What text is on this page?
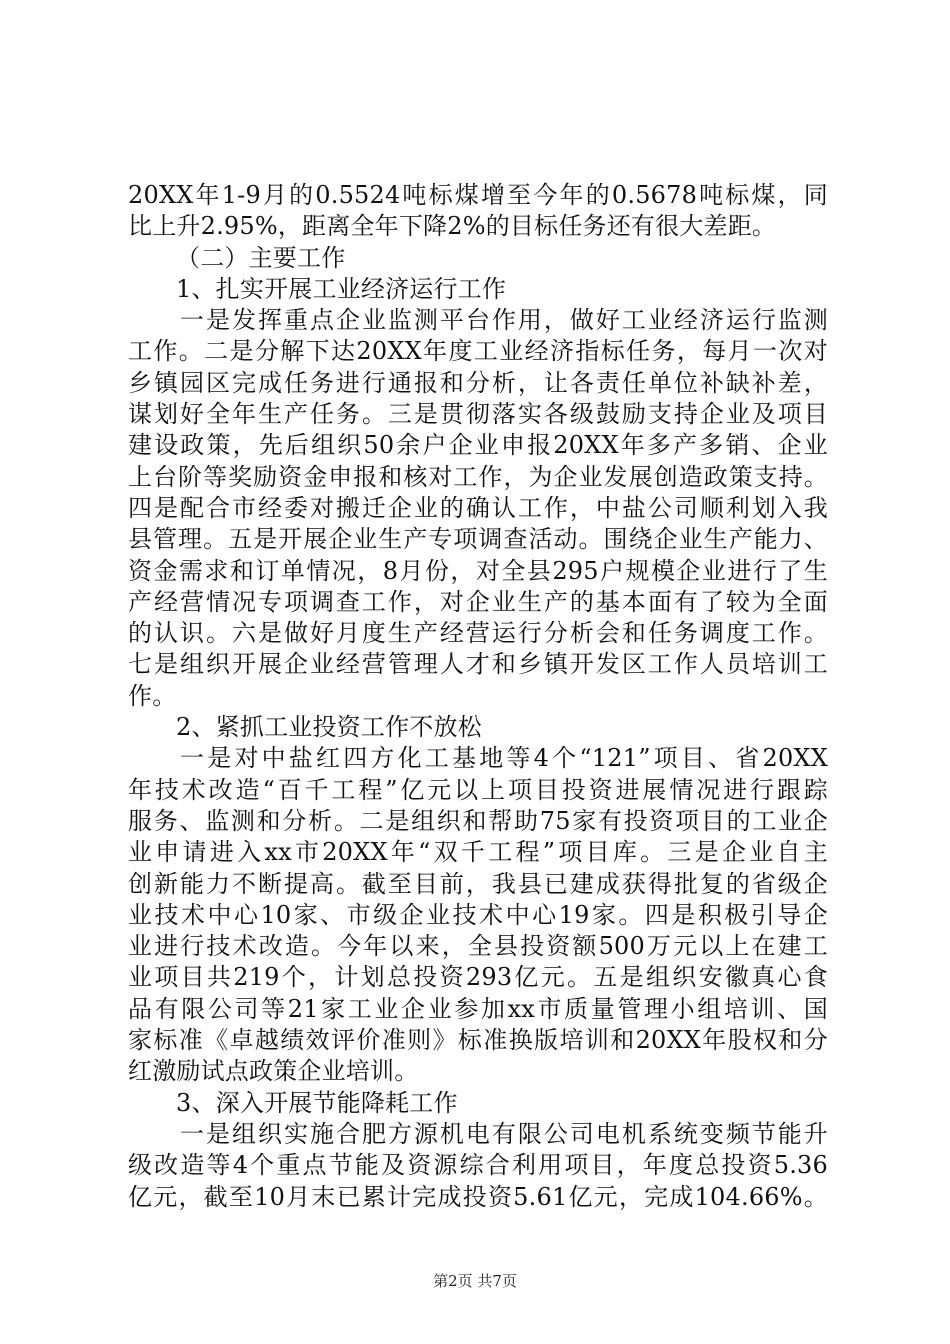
20XX年1-9月的0.5524吨标煤增至今年的0.5678吨标煤，同
比上升2.95%，距离全年下降2%的目标任务还有很大差距。
（二）主要工作
1、扎实开展工业经济运行工作
一是发挥重点企业监测平台作用，做好工业经济运行监测
工作。二是分解下达20XX年度工业经济指标任务，每月一次对
乡镇园区完成任务进行通报和分析，让各责任单位补缺补差，
谋划好全年生产任务。三是贯彻落实各级鼓励支持企业及项目
建设政策，先后组织50余户企业申报20XX年多产多销、企业
上台阶等奖励资金申报和核对工作，为企业发展创造政策支持。
四是配合市经委对搬迁企业的确认工作，中盐公司顺利划入我
县管理。五是开展企业生产专项调查活动。围绕企业生产能力、
资金需求和订单情况，8月份，对全县295户规模企业进行了生
产经营情况专项调查工作，对企业生产的基本面有了较为全面
的认识。六是做好月度生产经营运行分析会和任务调度工作。
七是组织开展企业经营管理人才和乡镇开发区工作人员培训工
作。
2、紧抓工业投资工作不放松
一是对中盐红四方化工基地等4个“121”项目、省20XX
年技术改造“百千工程”亿元以上项目投资进展情况进行跟踪
服务、监测和分析。二是组织和帮助75家有投资项目的工业企
业申请进入xx市20XX年“双千工程”项目库。三是企业自主
创新能力不断提高。截至目前，我县已建成获得批复的省级企
业技术中心10家、市级企业技术中心19家。四是积极引导企
业进行技术改造。今年以来，全县投资额500万元以上在建工
业项目共219个，计划总投资293亿元。五是组织安徽真心食
品有限公司等21家工业企业参加xx市质量管理小组培训、国
家标准《卓越绩效评价准则》标准换版培训和20XX年股权和分
红激励试点政策企业培训。
3、深入开展节能降耗工作
一是组织实施合肥方源机电有限公司电机系统变频节能升
级改造等4个重点节能及资源综合利用项目，年度总投资5.36
亿元，截至10月末已累计完成投资5.61亿元，完成104.66%。
第2页 共7页
